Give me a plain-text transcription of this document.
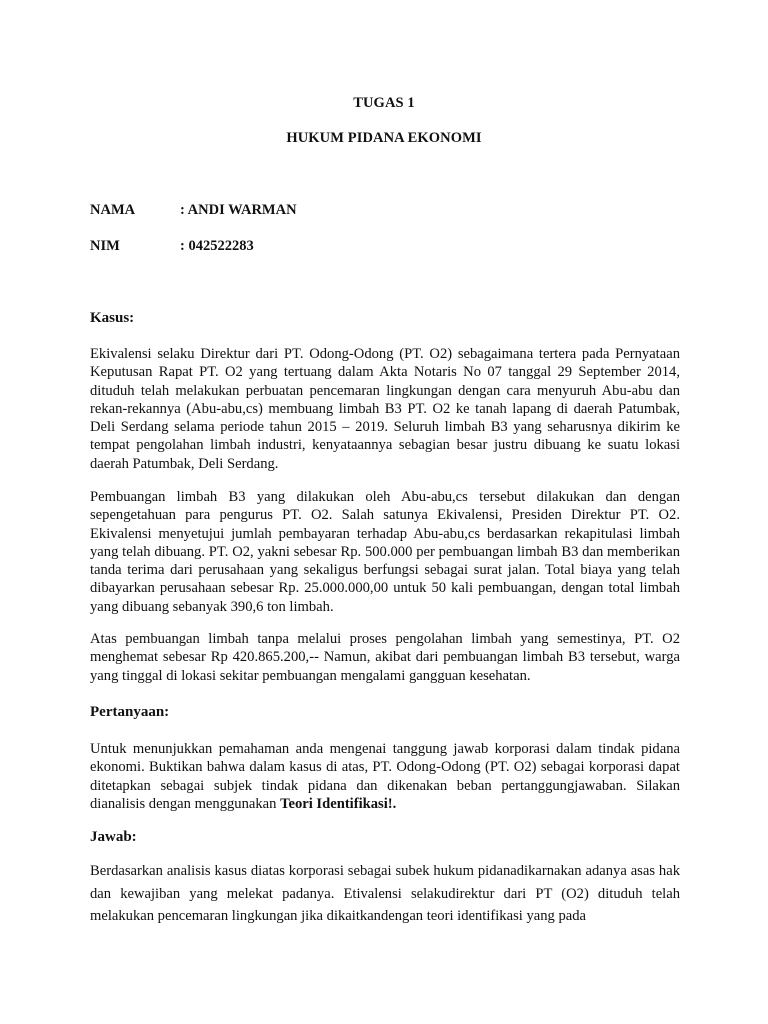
TUGAS 1
HUKUM PIDANA EKONOMI
NAMA	: ANDI WARMAN
NIM	: 042522283
Kasus:

Ekivalensi selaku Direktur dari PT. Odong-Odong (PT. O2) sebagaimana tertera pada Pernyataan Keputusan Rapat PT. O2 yang tertuang dalam Akta Notaris No 07 tanggal 29 September 2014, dituduh telah melakukan perbuatan pencemaran lingkungan dengan cara menyuruh Abu-abu dan rekan-rekannya (Abu-abu,cs) membuang limbah B3 PT. O2 ke tanah lapang di daerah Patumbak, Deli Serdang selama periode tahun 2015 – 2019. Seluruh limbah B3 yang seharusnya dikirim ke tempat pengolahan limbah industri, kenyataannya sebagian besar justru dibuang ke suatu lokasi daerah Patumbak, Deli Serdang.

Pembuangan limbah B3 yang dilakukan oleh Abu-abu,cs tersebut dilakukan dan dengan sepengetahuan para pengurus PT. O2. Salah satunya Ekivalensi, Presiden Direktur PT. O2. Ekivalensi menyetujui jumlah pembayaran terhadap Abu-abu,cs berdasarkan rekapitulasi limbah yang telah dibuang. PT. O2, yakni sebesar Rp. 500.000 per pembuangan limbah B3 dan memberikan tanda terima dari perusahaan yang sekaligus berfungsi sebagai surat jalan. Total biaya yang telah dibayarkan perusahaan sebesar Rp. 25.000.000,00 untuk 50 kali pembuangan, dengan total limbah yang dibuang sebanyak 390,6 ton limbah.

Atas pembuangan limbah tanpa melalui proses pengolahan limbah yang semestinya, PT. O2 menghemat sebesar Rp 420.865.200,-- Namun, akibat dari pembuangan limbah B3 tersebut, warga yang tinggal di lokasi sekitar pembuangan mengalami gangguan kesehatan.

Pertanyaan:

Untuk menunjukkan pemahaman anda mengenai tanggung jawab korporasi dalam tindak pidana ekonomi. Buktikan bahwa dalam kasus di atas, PT. Odong-Odong (PT. O2) sebagai korporasi dapat ditetapkan sebagai subjek tindak pidana dan dikenakan beban pertanggungjawaban. Silakan dianalisis dengan menggunakan Teori Identifikasi!.

Jawab:

Berdasarkan analisis kasus diatas korporasi sebagai subek hukum pidanadikarnakan adanya asas hak dan kewajiban yang melekat padanya. Etivalensi selakudirektur dari PT (O2) dituduh telah melakukan pencemaran lingkungan jika dikaitkandengan teori identifikasi yang pada
